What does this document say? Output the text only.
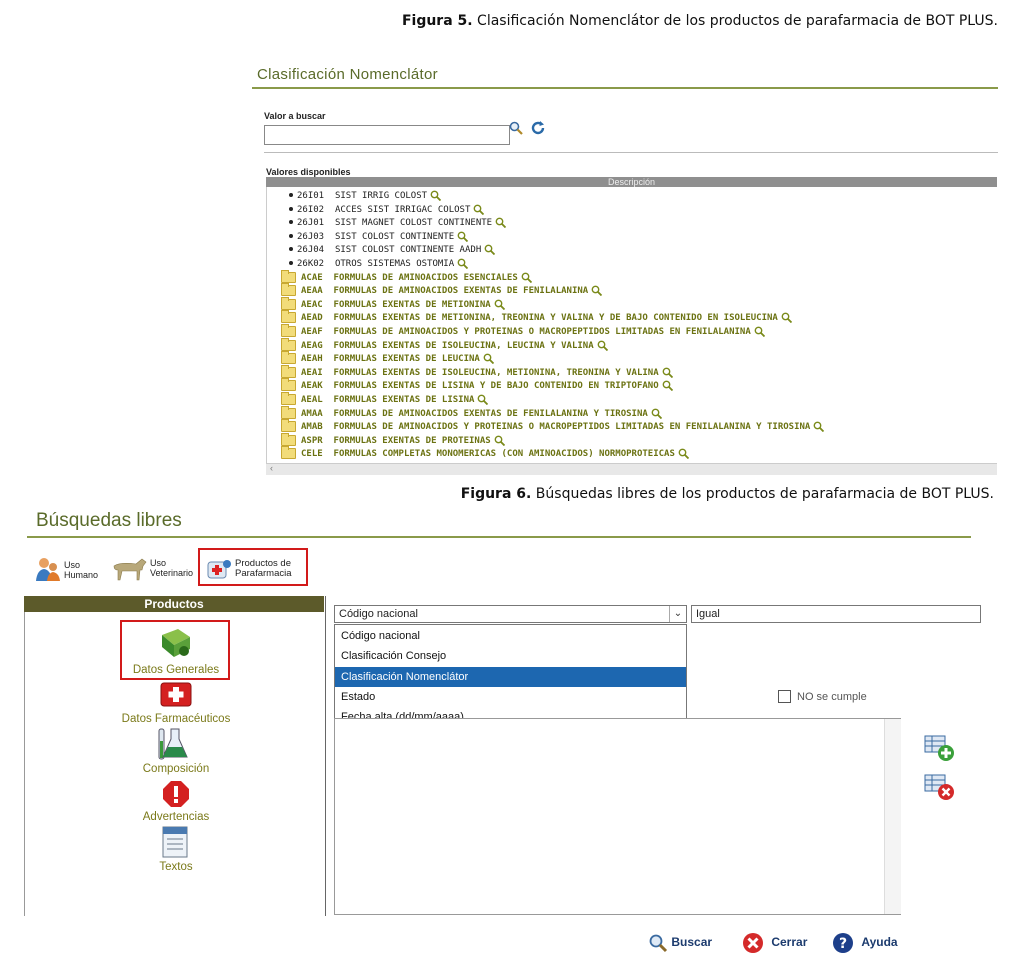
Figura 5. Clasificación Nomenclátor de los productos de parafarmacia de BOT PLUS.
Clasificación Nomenclátor
Valor a buscar
Valores disponibles
Descripción
26I01 SIST IRRIG COLOST
26I02 ACCES SIST IRRIGAC COLOST
26J01 SIST MAGNET COLOST CONTINENTE
26J03 SIST COLOST CONTINENTE
26J04 SIST COLOST CONTINENTE AADH
26K02 OTROS SISTEMAS OSTOMIA
ACAE FORMULAS DE AMINOACIDOS ESENCIALES
AEAA FORMULAS DE AMINOACIDOS EXENTAS DE FENILALANINA
AEAC FORMULAS EXENTAS DE METIONINA
AEAD FORMULAS EXENTAS DE METIONINA, TREONINA Y VALINA Y DE BAJO CONTENIDO EN ISOLEUCINA
AEAF FORMULAS DE AMINOACIDOS Y PROTEINAS O MACROPEPTIDOS LIMITADAS EN FENILALANINA
AEAG FORMULAS EXENTAS DE ISOLEUCINA, LEUCINA Y VALINA
AEAH FORMULAS EXENTAS DE LEUCINA
AEAI FORMULAS EXENTAS DE ISOLEUCINA, METIONINA, TREONINA Y VALINA
AEAK FORMULAS EXENTAS DE LISINA Y DE BAJO CONTENIDO EN TRIPTOFANO
AEAL FORMULAS EXENTAS DE LISINA
AMAA FORMULAS DE AMINOACIDOS EXENTAS DE FENILALANINA Y TIROSINA
AMAB FORMULAS DE AMINOACIDOS Y PROTEINAS O MACROPEPTIDOS LIMITADAS EN FENILALANINA Y TIROSINA
ASPR FORMULAS EXENTAS DE PROTEINAS
CELE FORMULAS COMPLETAS MONOMERICAS (CON AMINOACIDOS) NORMOPROTEICAS
‹
Figura 6. Búsquedas libres de los productos de parafarmacia de BOT PLUS.
Búsquedas libres
Uso
Humano
Uso
Veterinario
Productos de
Parafarmacia
Productos
Datos Generales
Datos Farmacéuticos
Composición
Advertencias
Textos
Código nacional	⌄	Igual
Código nacional
Clasificación Consejo
Clasificación Nomenclátor
Estado	NO se cumple
Buscar	Cerrar ? Ayuda
